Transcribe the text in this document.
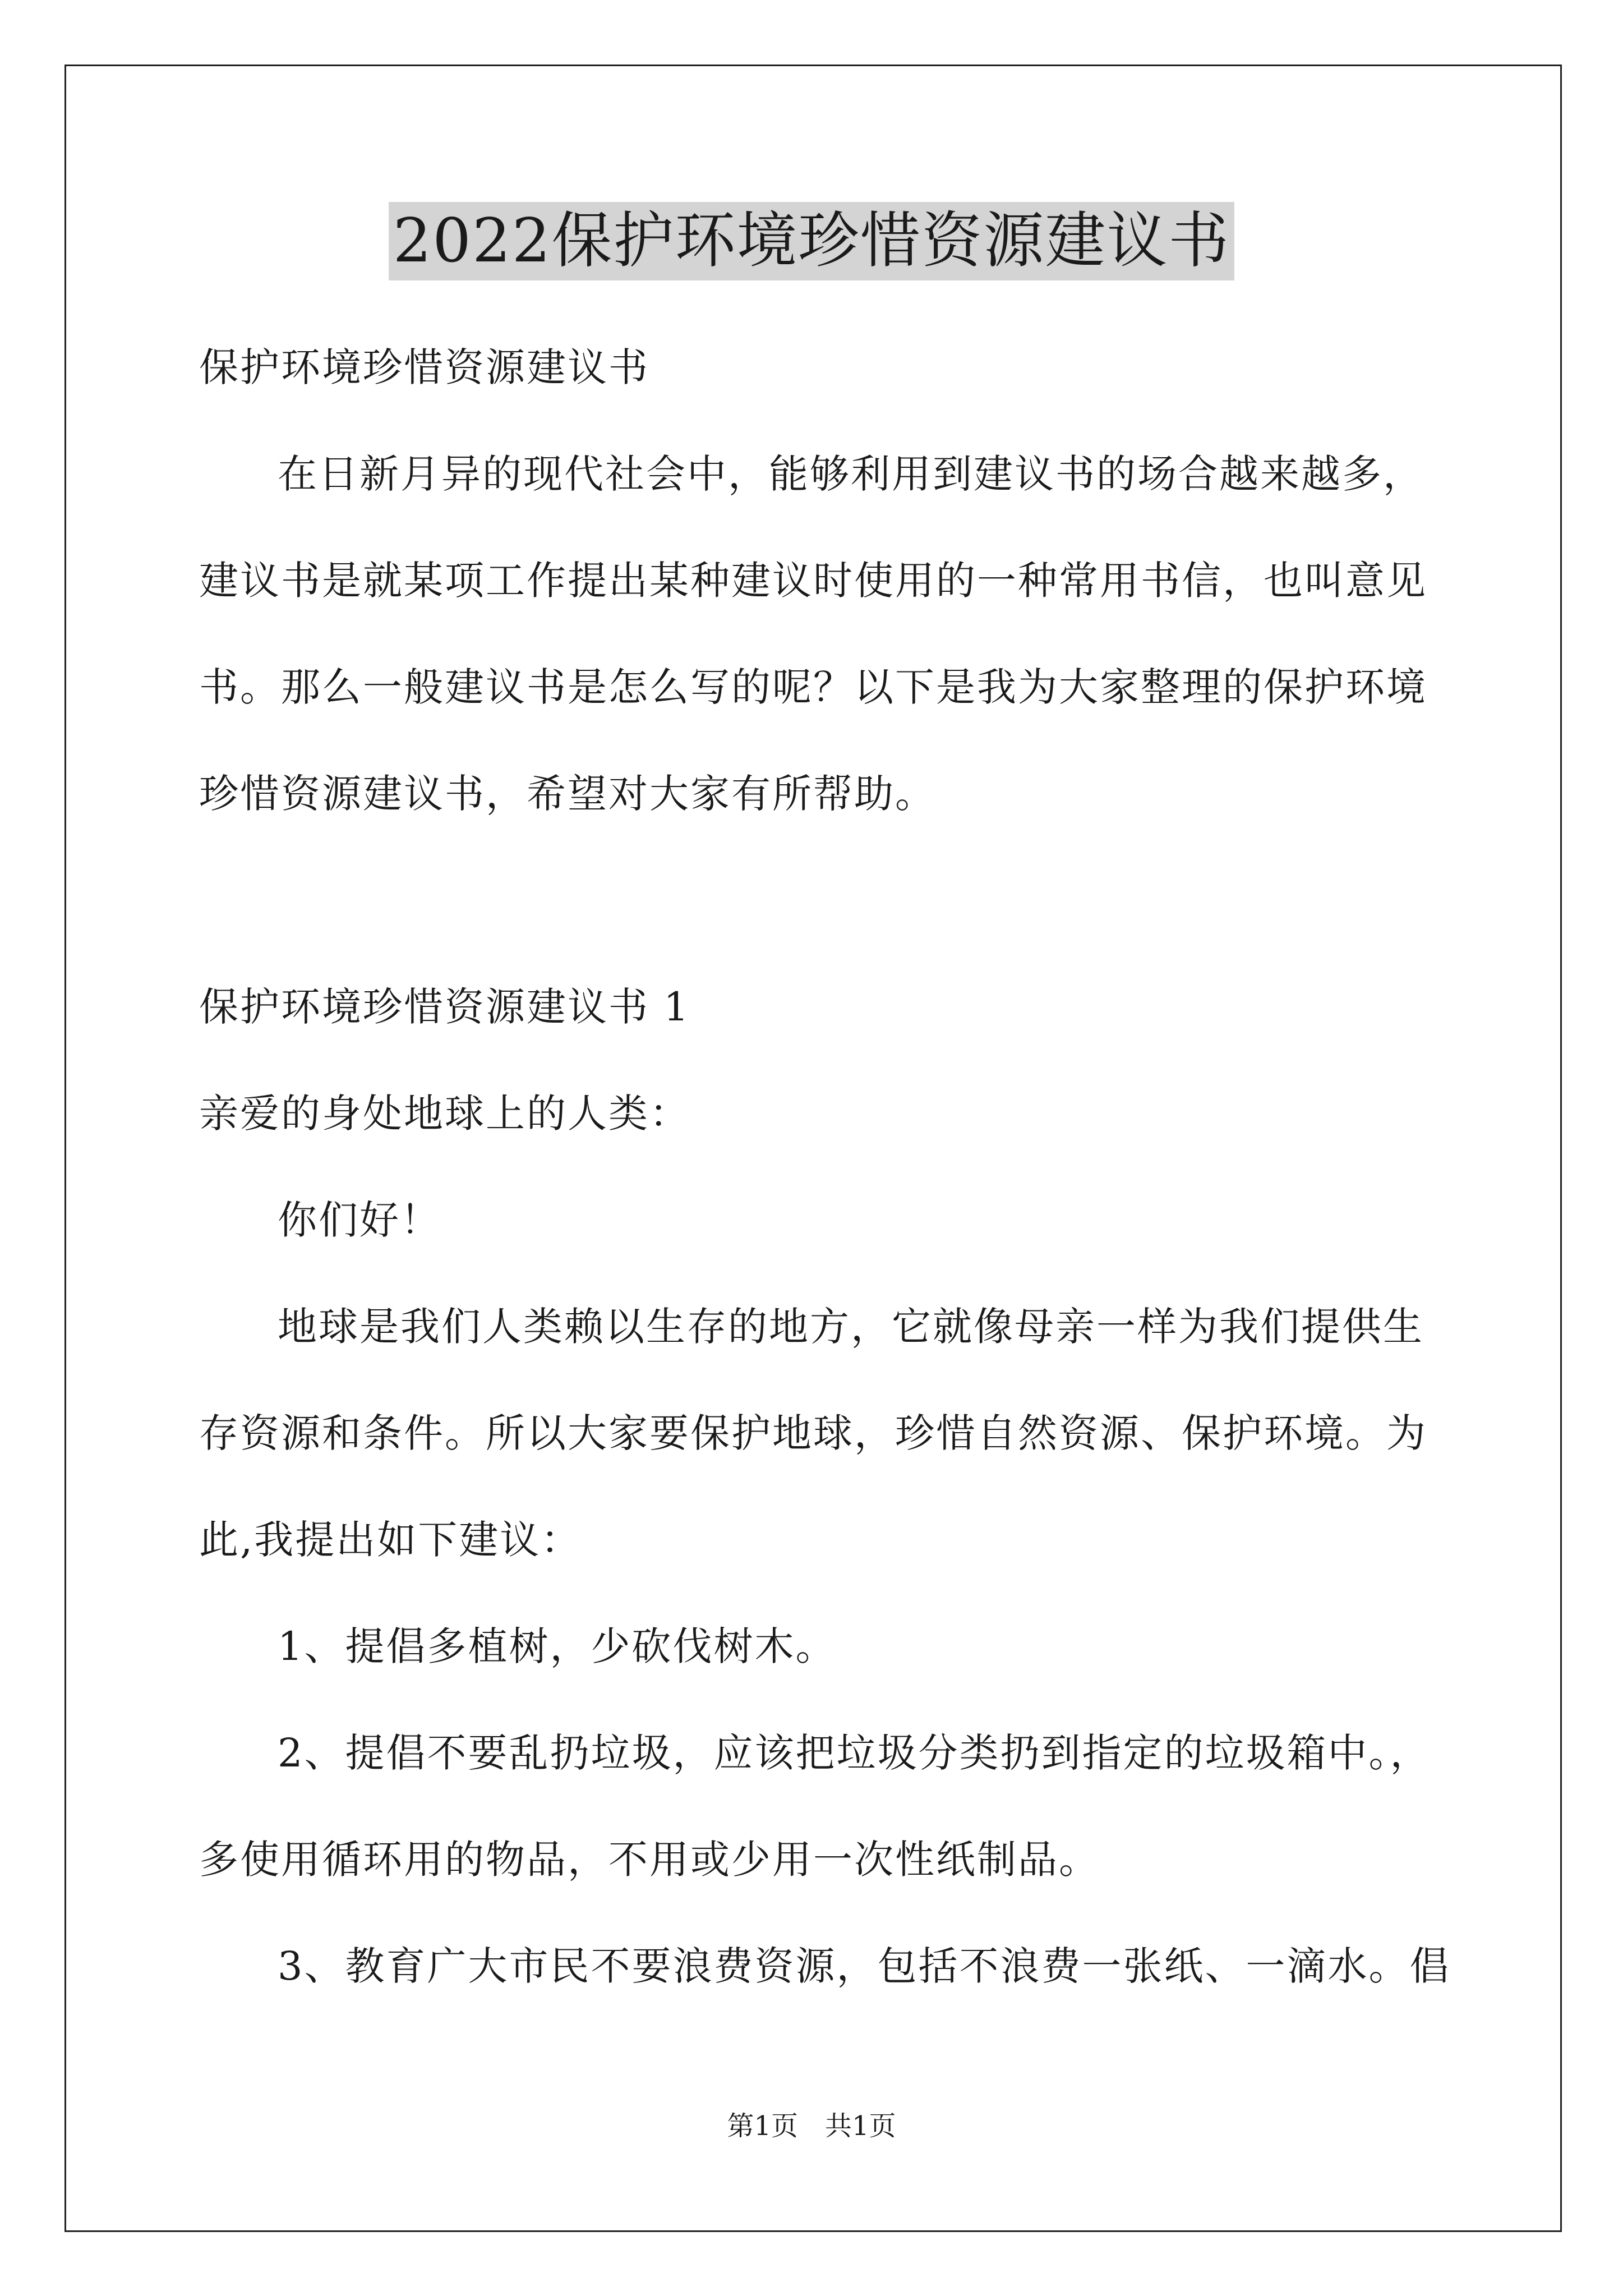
2022保护环境珍惜资源建议书

保护环境珍惜资源建议书

在日新月异的现代社会中，能够利用到建议书的场合越来越多，

建议书是就某项工作提出某种建议时使用的一种常用书信，也叫意见

书。那么一般建议书是怎么写的呢？以下是我为大家整理的保护环境

珍惜资源建议书，希望对大家有所帮助。

保护环境珍惜资源建议书 1

亲爱的身处地球上的人类：

你们好！

地球是我们人类赖以生存的地方，它就像母亲一样为我们提供生

存资源和条件。所以大家要保护地球，珍惜自然资源、保护环境。为

此,我提出如下建议：

1、提倡多植树，少砍伐树木。

2、提倡不要乱扔垃圾，应该把垃圾分类扔到指定的垃圾箱中。，

多使用循环用的物品，不用或少用一次性纸制品。

3、教育广大市民不要浪费资源，包括不浪费一张纸、一滴水。倡

第1页　共1页
